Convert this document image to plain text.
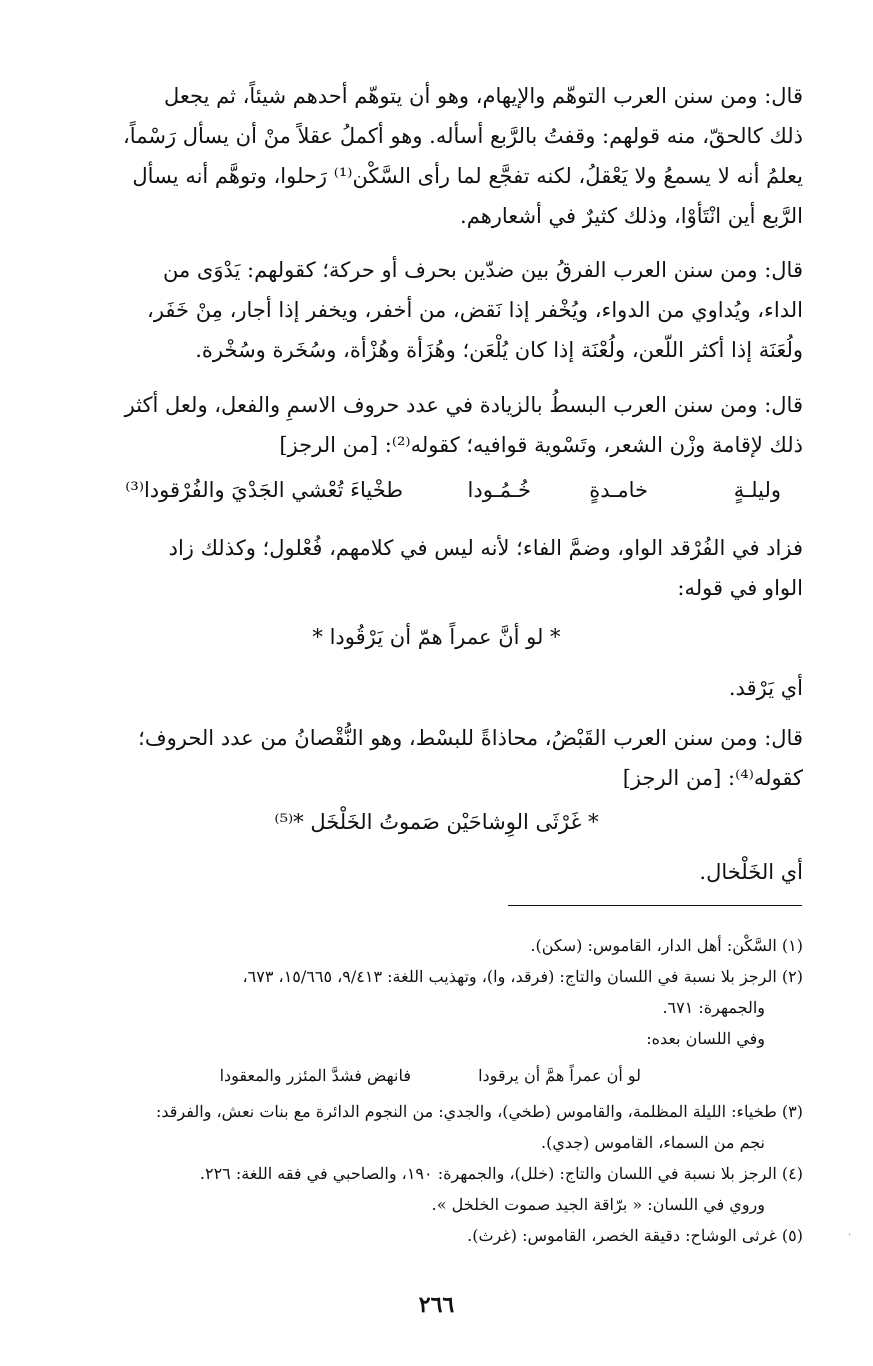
قال: ومن سنن العرب التوهّم والإيهام، وهو أن يتوهّم أحدهم شيئاً، ثم يجعل
ذلك كالحقّ، منه قولهم: وقفتُ بالرَّبع أسأله. وهو أكملُ عقلاً منْ أن يسأل رَسْماً،
يعلمُ أنه لا يسمعُ ولا يَعْقلُ، لكنه تفجَّع لما رأى السَّكْن⁽¹⁾ رَحلوا، وتوهَّم أنه يسأل
الرَّبع أين انْتَأوْا، وذلك كثيرٌ في أشعارهم.
قال: ومن سنن العرب الفرقُ بين ضدّين بحرف أو حركة؛ كقولهم: يَدْوَى من
الداء، ويُداوي من الدواء، ويُخْفر إذا نَقض، من أخفر، ويخفر إذا أجار، مِنْ خَفَر،
ولُعَنَة إذا أكثر اللّعن، ولُعْنَة إذا كان يُلْعَن؛ وهُزَأة وهُزْأة، وسُخَرة وسُخْرة.
قال: ومن سنن العرب البسطُ بالزيادة في عدد حروف الاسمِ والفعل، ولعل أكثر
ذلك لإقامة وزْن الشعر، وتَسْوية قوافيه؛ كقوله⁽²⁾: [من الرجز]
وليلـةٍ
خامـدةٍ
خُـمُـودا
طخْياءَ تُعْشي الجَدْيَ والفُرْقودا⁽³⁾
فزاد في الفُرْقد الواو، وضمَّ الفاء؛ لأنه ليس في كلامهم، فُعْلول؛ وكذلك زاد
الواو في قوله:
* لو أنَّ عمراً همّ أن يَرْقُودا *
أي يَرْقد.
قال: ومن سنن العرب القَبْضُ، محاذاةً للبسْط، وهو النُّقْصانُ من عدد الحروف؛
كقوله⁽⁴⁾: [من الرجز]
* غَرْثَى الوِشاحَيْن صَموتُ الخَلْخَل *⁽⁵⁾
أي الخَلْخال.
(١) السَّكْن: أهل الدار، القاموس: (سكن).
(٢) الرجز بلا نسبة في اللسان والتاج: (فرقد، وا)، وتهذيب اللغة: ٩/٤١٣، ١٥/٦٦٥، ٦٧٣،
والجمهرة: ٦٧١.
وفي اللسان بعده:
لو أن عمراً همَّ أن يرقودا
فانهض فشدَّ المئزر والمعقودا
(٣) طخياء: الليلة المظلمة، والقاموس (طخي)، والجدي: من النجوم الدائرة مع بنات نعش، والفرقد:
نجم من السماء، القاموس (جدي).
(٤) الرجز بلا نسبة في اللسان والتاج: (خلل)، والجمهرة: ١٩٠، والصاحبي في فقه اللغة: ٢٢٦.
وروي في اللسان: « برّاقة الجيد صموت الخلخل ».
(٥) غرثى الوشاح: دقيقة الخصر، القاموس: (غرث).	·
٢٦٦
